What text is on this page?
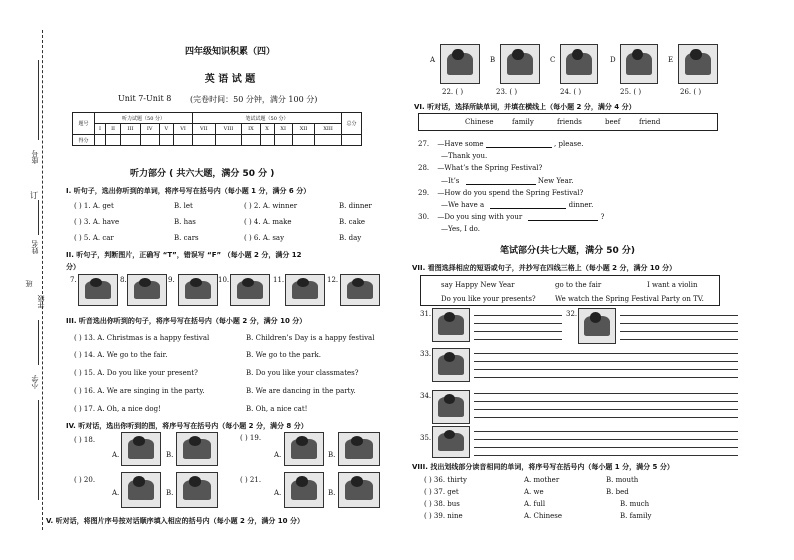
座号
订
姓名
班
年级
小学
四年级知识积累（四）
英 语 试 题
Unit 7-Unit 8 (完卷时间：50 分钟，满分 100 分)
题号	听力试题（50 分）						笔试试题（50 分）							总分
	I	II	III	IV	V	VI	VII	VIII	IX	X	XI	XII	XIII	
得分														
听力部分 ( 共六大题，满分 50 分 )
I. 听句子，选出你听到的单词，将序号写在括号内（每小题 1 分，满分 6 分）
( ) 1. A. get	B. let	( ) 2. A. winner	B. dinner
( ) 3. A. have	B. has	( ) 4. A. make	B. cake
( ) 5. A. car	B. cars	( ) 6. A. say	B. day
II. 听句子，判断图片，正确写 “T”，错误写 “F” （每小题 2 分，满分 12
分）
7.	8.	9.	10.	11.	12.
III. 听音选出你听到的句子，将序号写在括号内（每小题 2 分，满分 10 分）
( ) 13. A. Christmas is a happy festival	B. Children’s Day is a happy festival
( ) 14. A. We go to the fair.	B. We go to the park.
( ) 15. A. Do you like your present?	B. Do you like your classmates?
( ) 16. A. We are singing in the party.	B. We are dancing in the party.
( ) 17. A. Oh, a nice dog!	B. Oh, a nice cat!
IV. 听对话，选出你听到的图，将序号写在括号内（每小题 2 分，满分 8 分）
( ) 18.
A.	B.
( ) 19.
A.	B.
( ) 20.
A.	B.
( ) 21.
A.	B.
V. 听对话，将图片序号按对话顺序填入相应的括号内（每小题 2 分，满分 10 分）
A	B	C	D	E
22. ( )	23. ( )	24. ( )	25. ( )	26. ( )
VI. 听对话，选择所缺单词，并填在横线上（每小题 2 分，满分 4 分）
Chinese	family	friends	beef	friend
27. —Have some	, please.
—Thank you.
28. —What’s the Spring Festival?
—It’s	New Year.
29. —How do you spend the Spring Festival?
—We have a	dinner.
30. —Do you sing with your	?
—Yes, I do.
笔试部分(共七大题，满分 50 分)
VII. 看图选择相应的短语或句子，并抄写在四线三格上（每小题 2 分，满分 10 分）
say Happy New Year	go to the fair	I want a violin
Do you like your presents?	We watch the Spring Festival Party on TV.
31.	32.
33.
34.
35.
VIII. 找出划线部分读音相同的单词，将序号写在括号内（每小题 1 分，满分 5 分）
( ) 36. thirty	A. mother	B. mouth
( ) 37. get	A. we	B. bed
( ) 38. bus	A. full	B. much
( ) 39. nine	A. Chinese	B. family
